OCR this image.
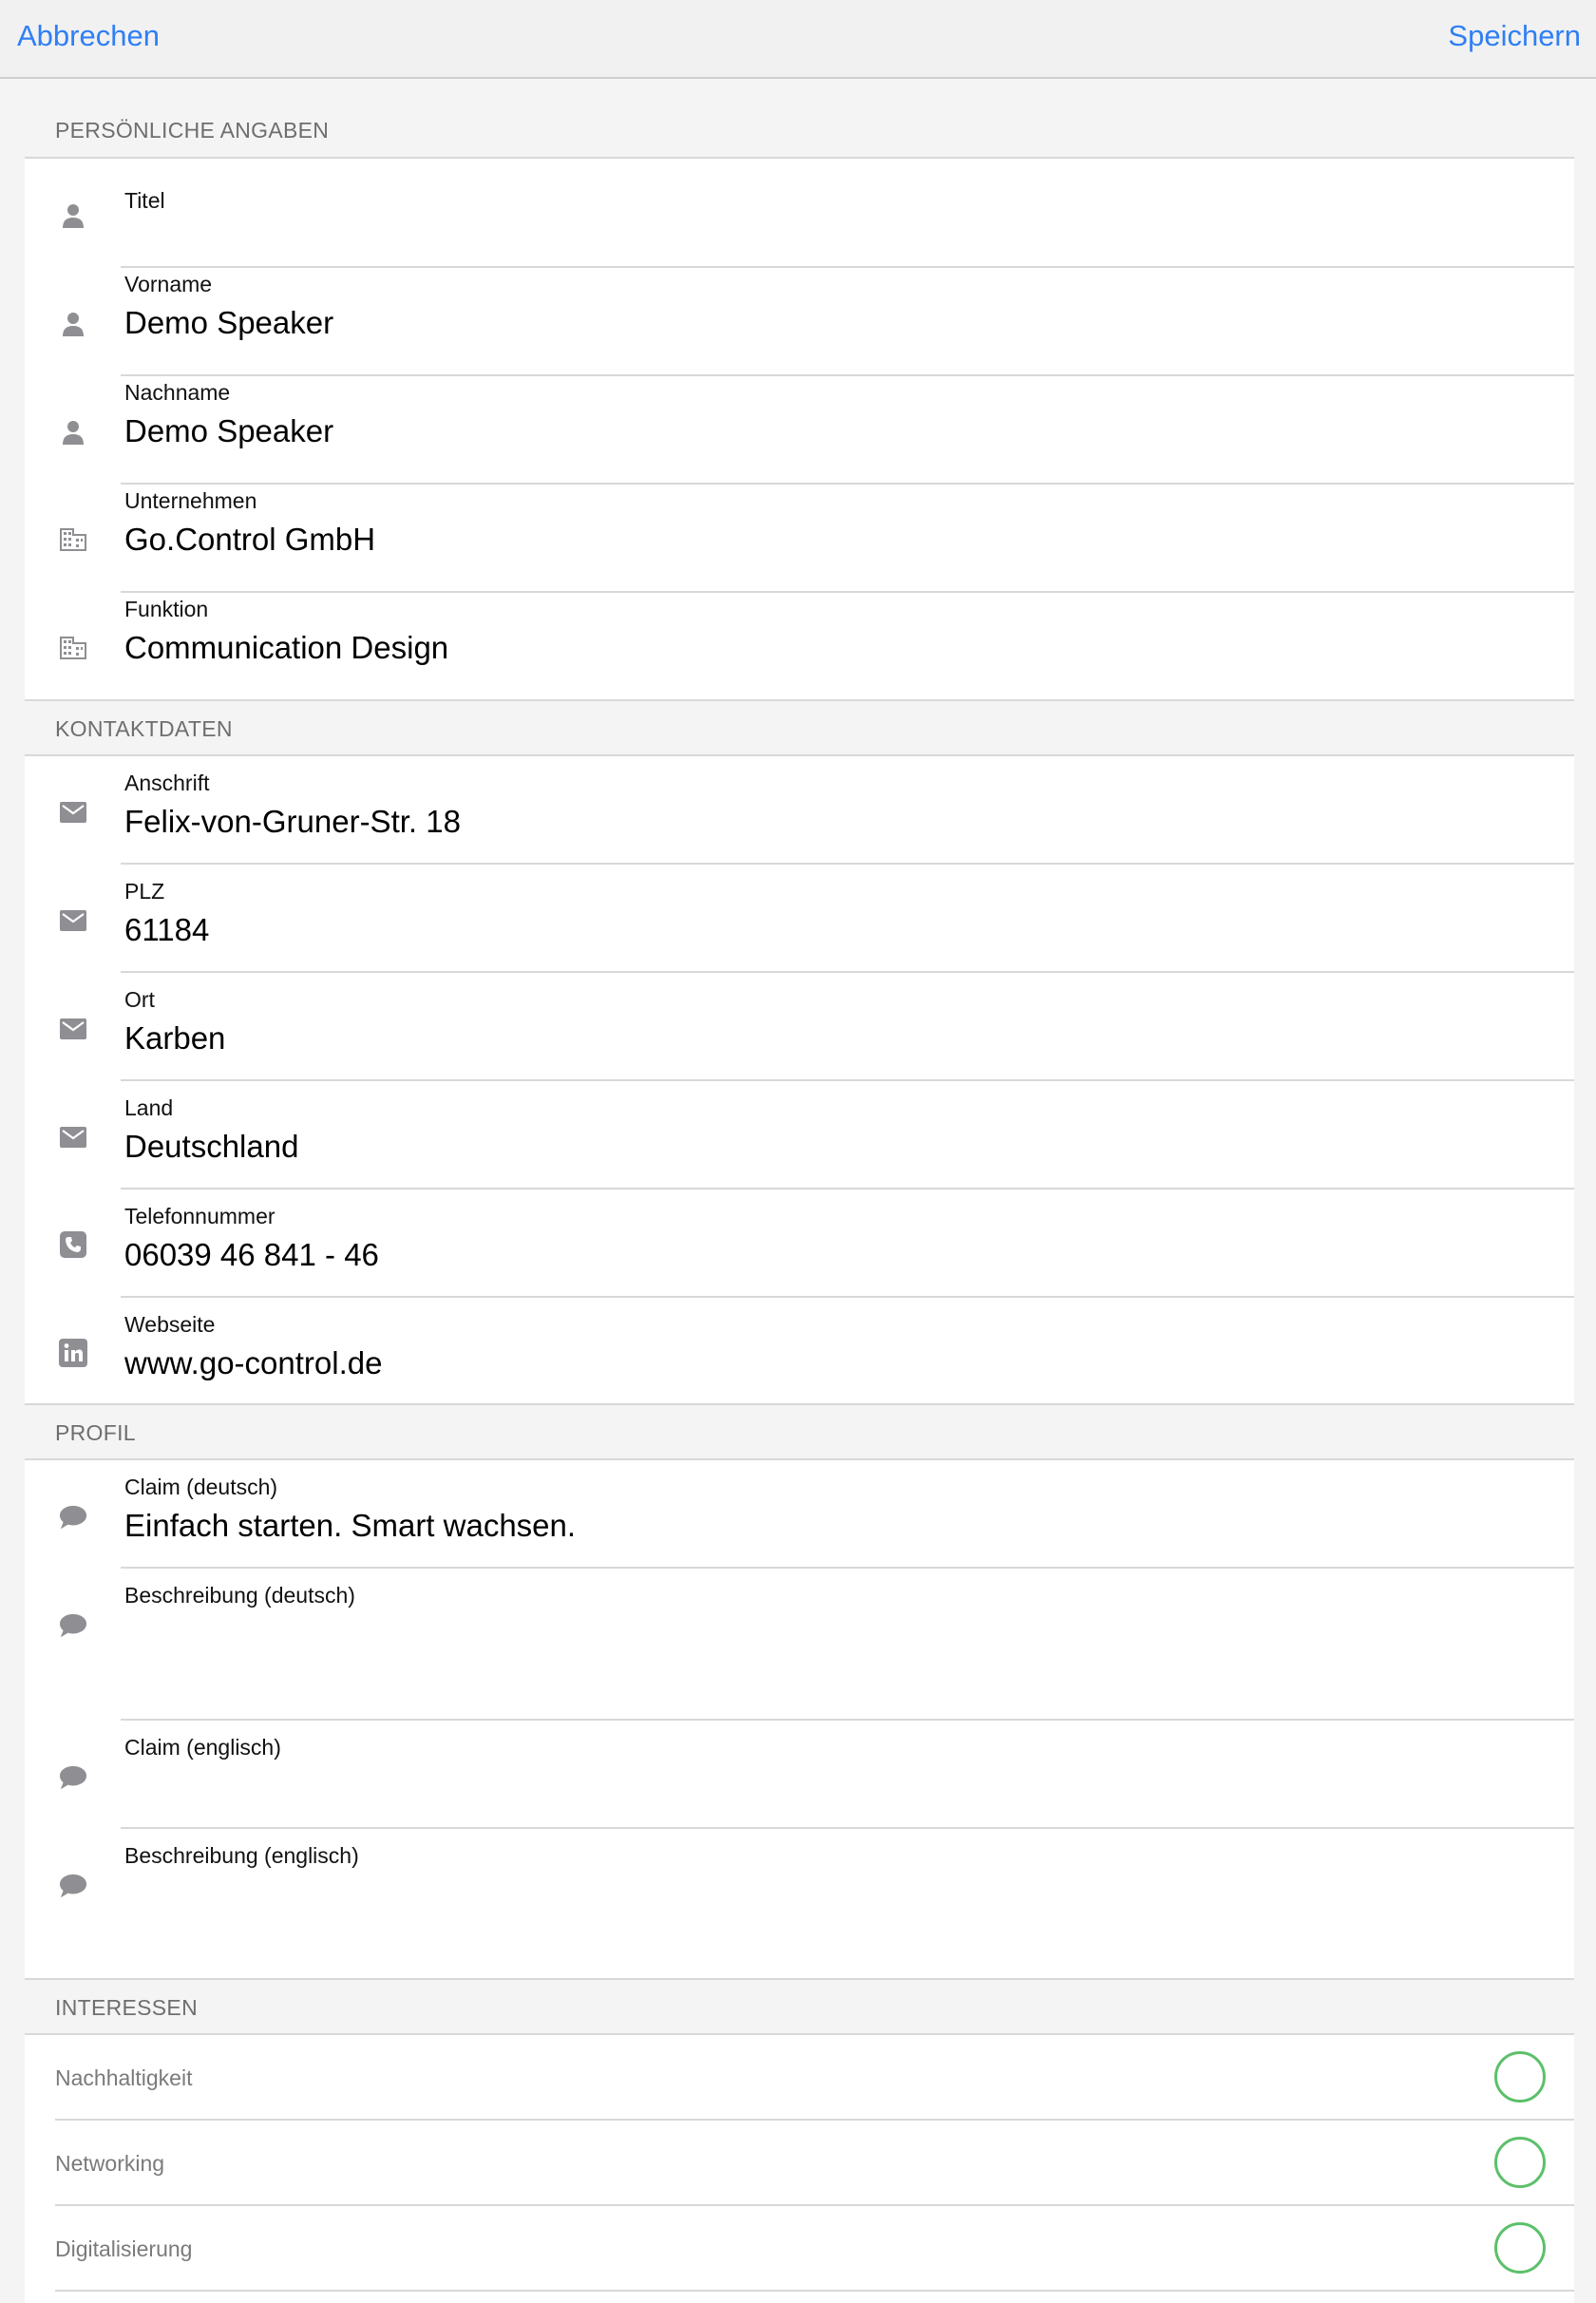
Abbrechen	Speichern
PERSÖNLICHE ANGABEN
Titel
Vorname
Demo Speaker
Nachname
Demo Speaker
Unternehmen
Go.Control GmbH
Funktion
Communication Design
KONTAKTDATEN
Anschrift
Felix-von-Gruner-Str. 18
PLZ
61184
Ort
Karben
Land
Deutschland
Telefonnummer
06039 46 841 - 46
Webseite
www.go-control.de
PROFIL
Claim (deutsch)
Einfach starten. Smart wachsen.
Beschreibung (deutsch)
Claim (englisch)
Beschreibung (englisch)
INTERESSEN
Nachhaltigkeit
Networking
Digitalisierung
